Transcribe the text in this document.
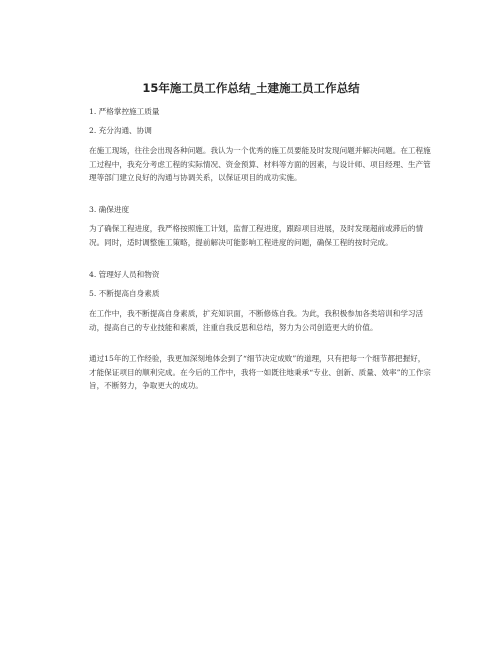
15年施工员工作总结_土建施工员工作总结

1. 严格掌控施工质量

2. 充分沟通、协调

在施工现场，往往会出现各种问题。我认为一个优秀的施工员要能及时发现问题并解决问题。在工程施工过程中，我充分考虑工程的实际情况、资金预算、材料等方面的因素，与设计师、项目经理、生产管理等部门建立良好的沟通与协调关系，以保证项目的成功实施。

3. 确保进度

为了确保工程进度，我严格按照施工计划，监督工程进度，跟踪项目进展，及时发现超前或滞后的情况。同时，适时调整施工策略，提前解决可能影响工程进度的问题，确保工程的按时完成。

4. 管理好人员和物资

5. 不断提高自身素质

在工作中，我不断提高自身素质，扩充知识面，不断修炼自我。为此，我积极参加各类培训和学习活动，提高自己的专业技能和素质，注重自我反思和总结，努力为公司创造更大的价值。

通过15年的工作经验，我更加深刻地体会到了“细节决定成败”的道理，只有把每一个细节都把握好，才能保证项目的顺利完成。在今后的工作中，我将一如既往地秉承“专业、创新、质量、效率”的工作宗旨，不断努力，争取更大的成功。
